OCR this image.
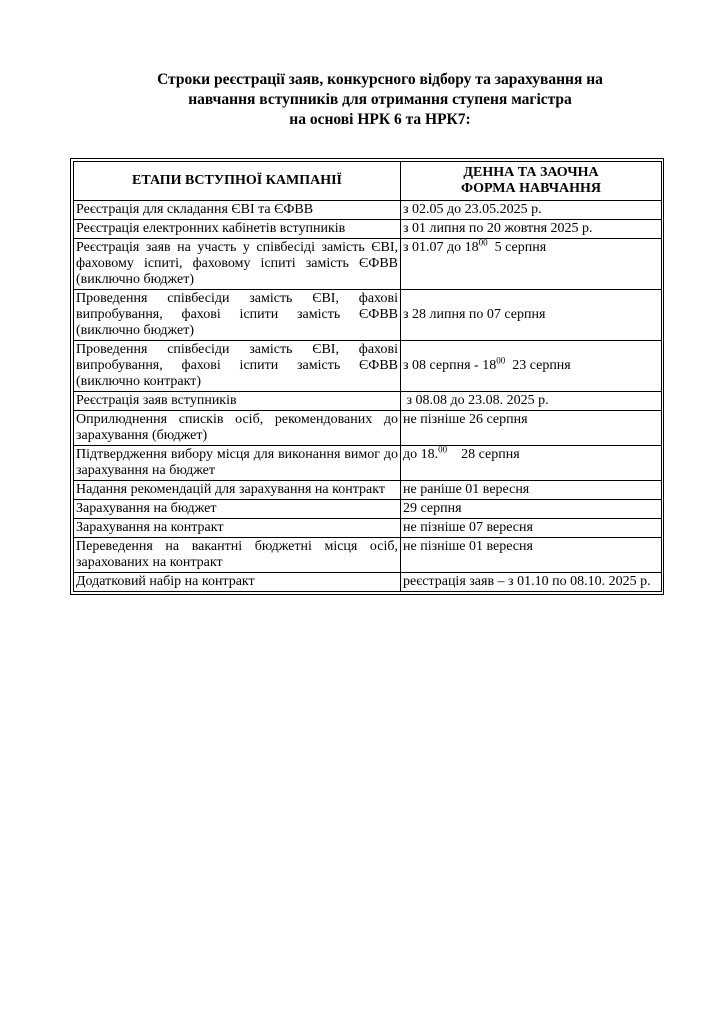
Строки реєстрації заяв, конкурсного відбору та зарахування на
навчання вступників для отримання ступеня магістра
на основі НРК 6 та НРК7:
ЕТАПИ ВСТУПНОЇ КАМПАНІЇ	ДЕННА ТА ЗАОЧНА
ФОРМА НАВЧАННЯ
Реєстрація для складання ЄВІ та ЄФВВ	з 02.05 до 23.05.2025 р.
Реєстрація електронних кабінетів вступників	з 01 липня по 20 жовтня 2025 р.
Реєстрація заяв на участь у співбесіді замість ЄВІ, фаховому іспиті, фаховому іспиті замість ЄФВВ (виключно бюджет)	з 01.07 до $18^{00}$  5 серпня
Проведення співбесіди замість ЄВІ, фахові випробування, фахові іспити замість ЄФВВ (виключно бюджет)	з 28 липня по 07 серпня
Проведення співбесіди замість ЄВІ, фахові випробування, фахові іспити замість ЄФВВ (виключно контракт)	з 08 серпня - $18^{00}$  23 серпня
Реєстрація заяв вступників	з 08.08 до 23.08. 2025 р.
Оприлюднення списків осіб, рекомендованих до зарахування (бюджет)	не пізніше 26 серпня
Підтвердження вибору місця для виконання вимог до зарахування на бюджет	до 18.00    28 серпня
Надання рекомендацій для зарахування на контракт	не раніше 01 вересня
Зарахування на бюджет	29 серпня
Зарахування на контракт	не пізніше 07 вересня
Переведення на вакантні бюджетні місця осіб, зарахованих на контракт	не пізніше 01 вересня
Додатковий набір на контракт	реєстрація заяв – з 01.10 по 08.10. 2025 р.
